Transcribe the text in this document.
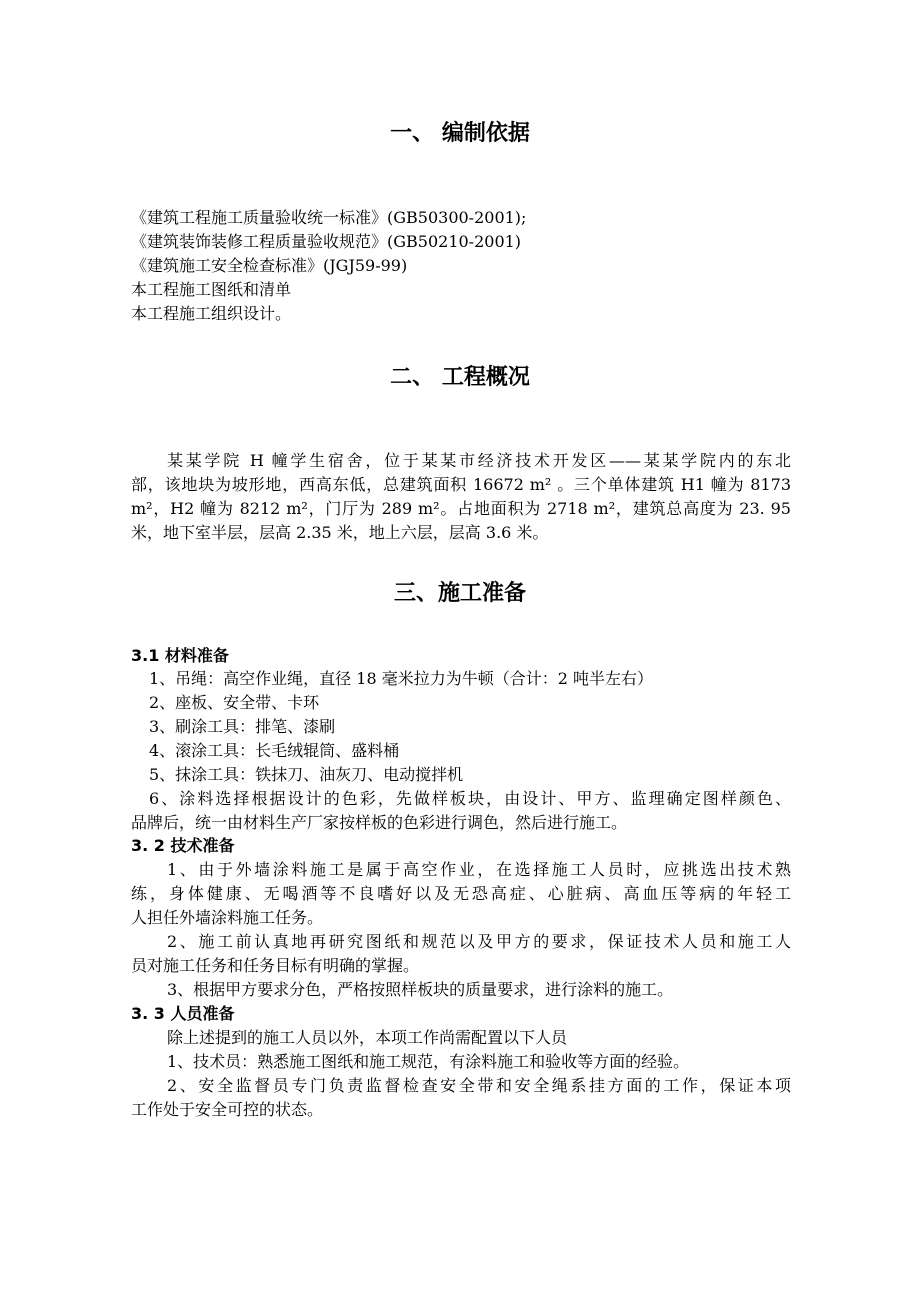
一、 编制依据
《建筑工程施工质量验收统一标准》(GB50300-2001);
《建筑装饰装修工程质量验收规范》(GB50210-2001)
《建筑施工安全检查标准》(JGJ59-99)
本工程施工图纸和清单
本工程施工组织设计。
二、 工程概况
某某学院 H 幢学生宿舍，位于某某市经济技术开发区——某某学院内的东北
部，该地块为坡形地，西高东低，总建筑面积 16672 m² 。三个单体建筑 H1 幢为 8173
m²，H2 幢为 8212 m²，门厅为 289 m²。占地面积为 2718 m²，建筑总高度为 23. 95
米，地下室半层，层高 2.35 米，地上六层，层高 3.6 米。
三、施工准备
3.1 材料准备
1、吊绳：高空作业绳，直径 18 毫米拉力为牛顿（合计：2 吨半左右）
2、座板、安全带、卡环
3、刷涂工具：排笔、漆刷
4、滚涂工具：长毛绒辊筒、盛料桶
5、抹涂工具：铁抹刀、油灰刀、电动搅拌机
6、涂料选择根据设计的色彩，先做样板块，由设计、甲方、监理确定图样颜色、
品牌后，统一由材料生产厂家按样板的色彩进行调色，然后进行施工。
3. 2 技术准备
1、由于外墙涂料施工是属于高空作业，在选择施工人员时，应挑选出技术熟
练，身体健康、无喝酒等不良嗜好以及无恐高症、心脏病、高血压等病的年轻工
人担任外墙涂料施工任务。
2、施工前认真地再研究图纸和规范以及甲方的要求，保证技术人员和施工人
员对施工任务和任务目标有明确的掌握。
3、根据甲方要求分色，严格按照样板块的质量要求，进行涂料的施工。
3. 3 人员准备
除上述提到的施工人员以外，本项工作尚需配置以下人员
1、技术员：熟悉施工图纸和施工规范，有涂料施工和验收等方面的经验。
2、安全监督员专门负责监督检查安全带和安全绳系挂方面的工作，保证本项
工作处于安全可控的状态。
